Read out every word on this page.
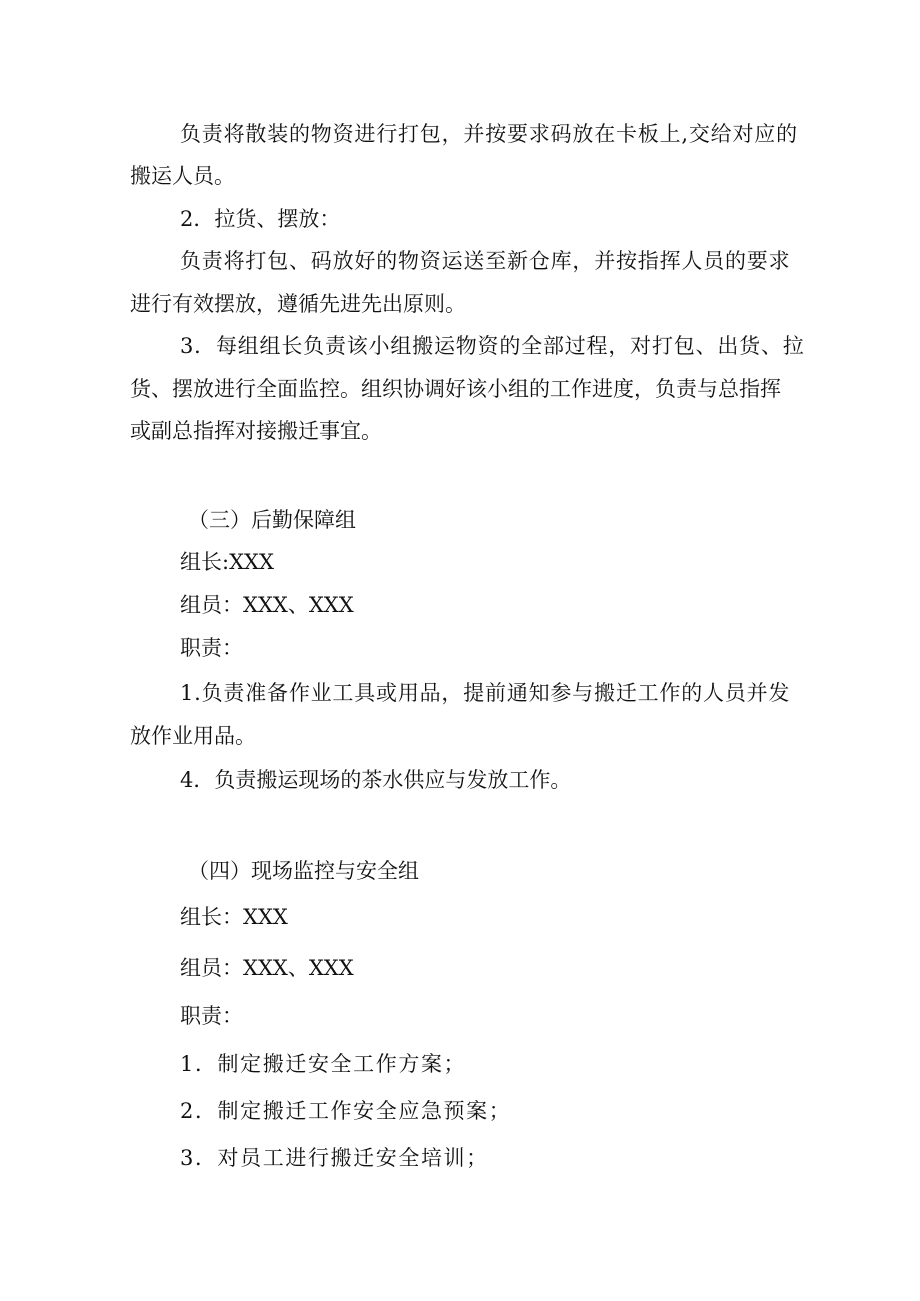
负责将散装的物资进行打包，并按要求码放在卡板上,交给对应的
搬运人员。
2．拉货、摆放：
负责将打包、码放好的物资运送至新仓库，并按指挥人员的要求
进行有效摆放，遵循先进先出原则。
3．每组组长负责该小组搬运物资的全部过程，对打包、出货、拉
货、摆放进行全面监控。组织协调好该小组的工作进度，负责与总指挥
或副总指挥对接搬迁事宜。
（三）后勤保障组
组长:XXX
组员：XXX、XXX
职责：
1.负责准备作业工具或用品，提前通知参与搬迁工作的人员并发
放作业用品。
4．负责搬运现场的茶水供应与发放工作。
（四）现场监控与安全组
组长：XXX
组员：XXX、XXX
职责：
1．制定搬迁安全工作方案；
2．制定搬迁工作安全应急预案；
3．对员工进行搬迁安全培训；
